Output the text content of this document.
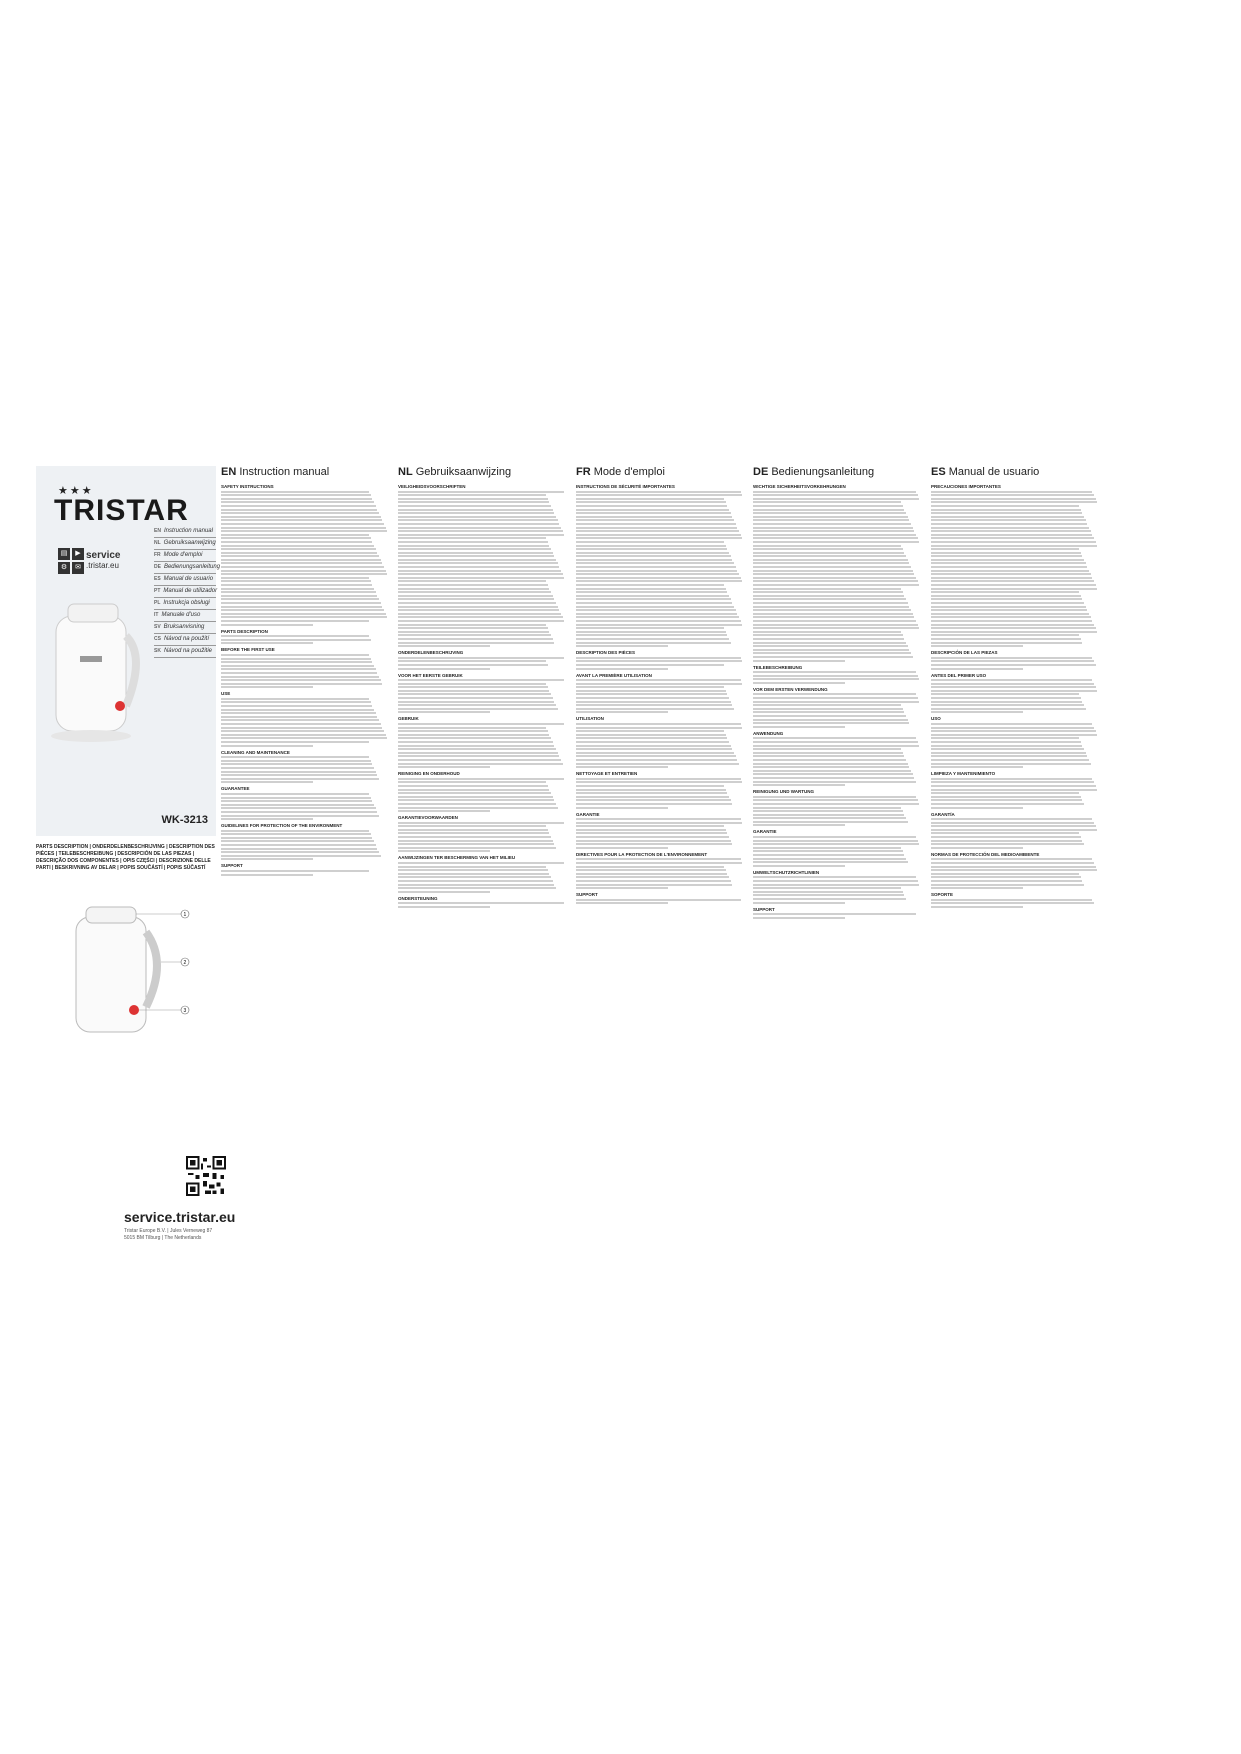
★★★
TRISTAR
▤	▶
⚙	✉
service
.tristar.eu
EN Instruction manual
NL Gebruiksaanwijzing
FR Mode d'emploi
DE Bedienungsanleitung
ES Manual de usuario
PT Manual de utilizador
PL Instrukcja obsługi
IT Manuale d'uso
SV Bruksanvisning
CS Návod na použití
SK Návod na použitie
WK-3213
PARTS DESCRIPTION | ONDERDELENBESCHRIJVING | DESCRIPTION DES PIÈCES | TEILEBESCHREIBUNG | DESCRIPCIÓN DE LAS PIEZAS | DESCRIÇÃO DOS COMPONENTES | OPIS CZĘŚCI | DESCRIZIONE DELLE PARTI | BESKRIVNING AV DELAR | POPIS SOUČÁSTÍ | POPIS SÚČASTÍ
1
2
3
service.tristar.eu
Tristar Europe B.V. | Jules Verneweg 87
5015 BM Tilburg | The Netherlands
EN Instruction manual
SAFETY INSTRUCTIONS
PARTS DESCRIPTION
BEFORE THE FIRST USE
USE
CLEANING AND MAINTENANCE
GUARANTEE
GUIDELINES FOR PROTECTION OF THE ENVIRONMENT
SUPPORT
NL Gebruiksaanwijzing
VEILIGHEIDSVOORSCHRIFTEN
ONDERDELENBESCHRIJVING
VOOR HET EERSTE GEBRUIK
GEBRUIK
REINIGING EN ONDERHOUD
GARANTIEVOORWAARDEN
AANWIJZINGEN TER BESCHERMING VAN HET MILIEU
ONDERSTEUNING
FR Mode d'emploi
INSTRUCTIONS DE SÉCURITÉ IMPORTANTES
DESCRIPTION DES PIÈCES
AVANT LA PREMIÈRE UTILISATION
UTILISATION
NETTOYAGE ET ENTRETIEN
GARANTIE
DIRECTIVES POUR LA PROTECTION DE L'ENVIRONNEMENT
SUPPORT
DE Bedienungsanleitung
WICHTIGE SICHERHEITSVORKEHRUNGEN
TEILEBESCHREIBUNG
VOR DEM ERSTEN VERWENDUNG
ANWENDUNG
REINIGUNG UND WARTUNG
GARANTIE
UMWELTSCHUTZRICHTLINIEN
SUPPORT
ES Manual de usuario
PRECAUCIONES IMPORTANTES
DESCRIPCIÓN DE LAS PIEZAS
ANTES DEL PRIMER USO
USO
LIMPIEZA Y MANTENIMIENTO
GARANTÍA
NORMAS DE PROTECCIÓN DEL MEDIOAMBIENTE
SOPORTE
